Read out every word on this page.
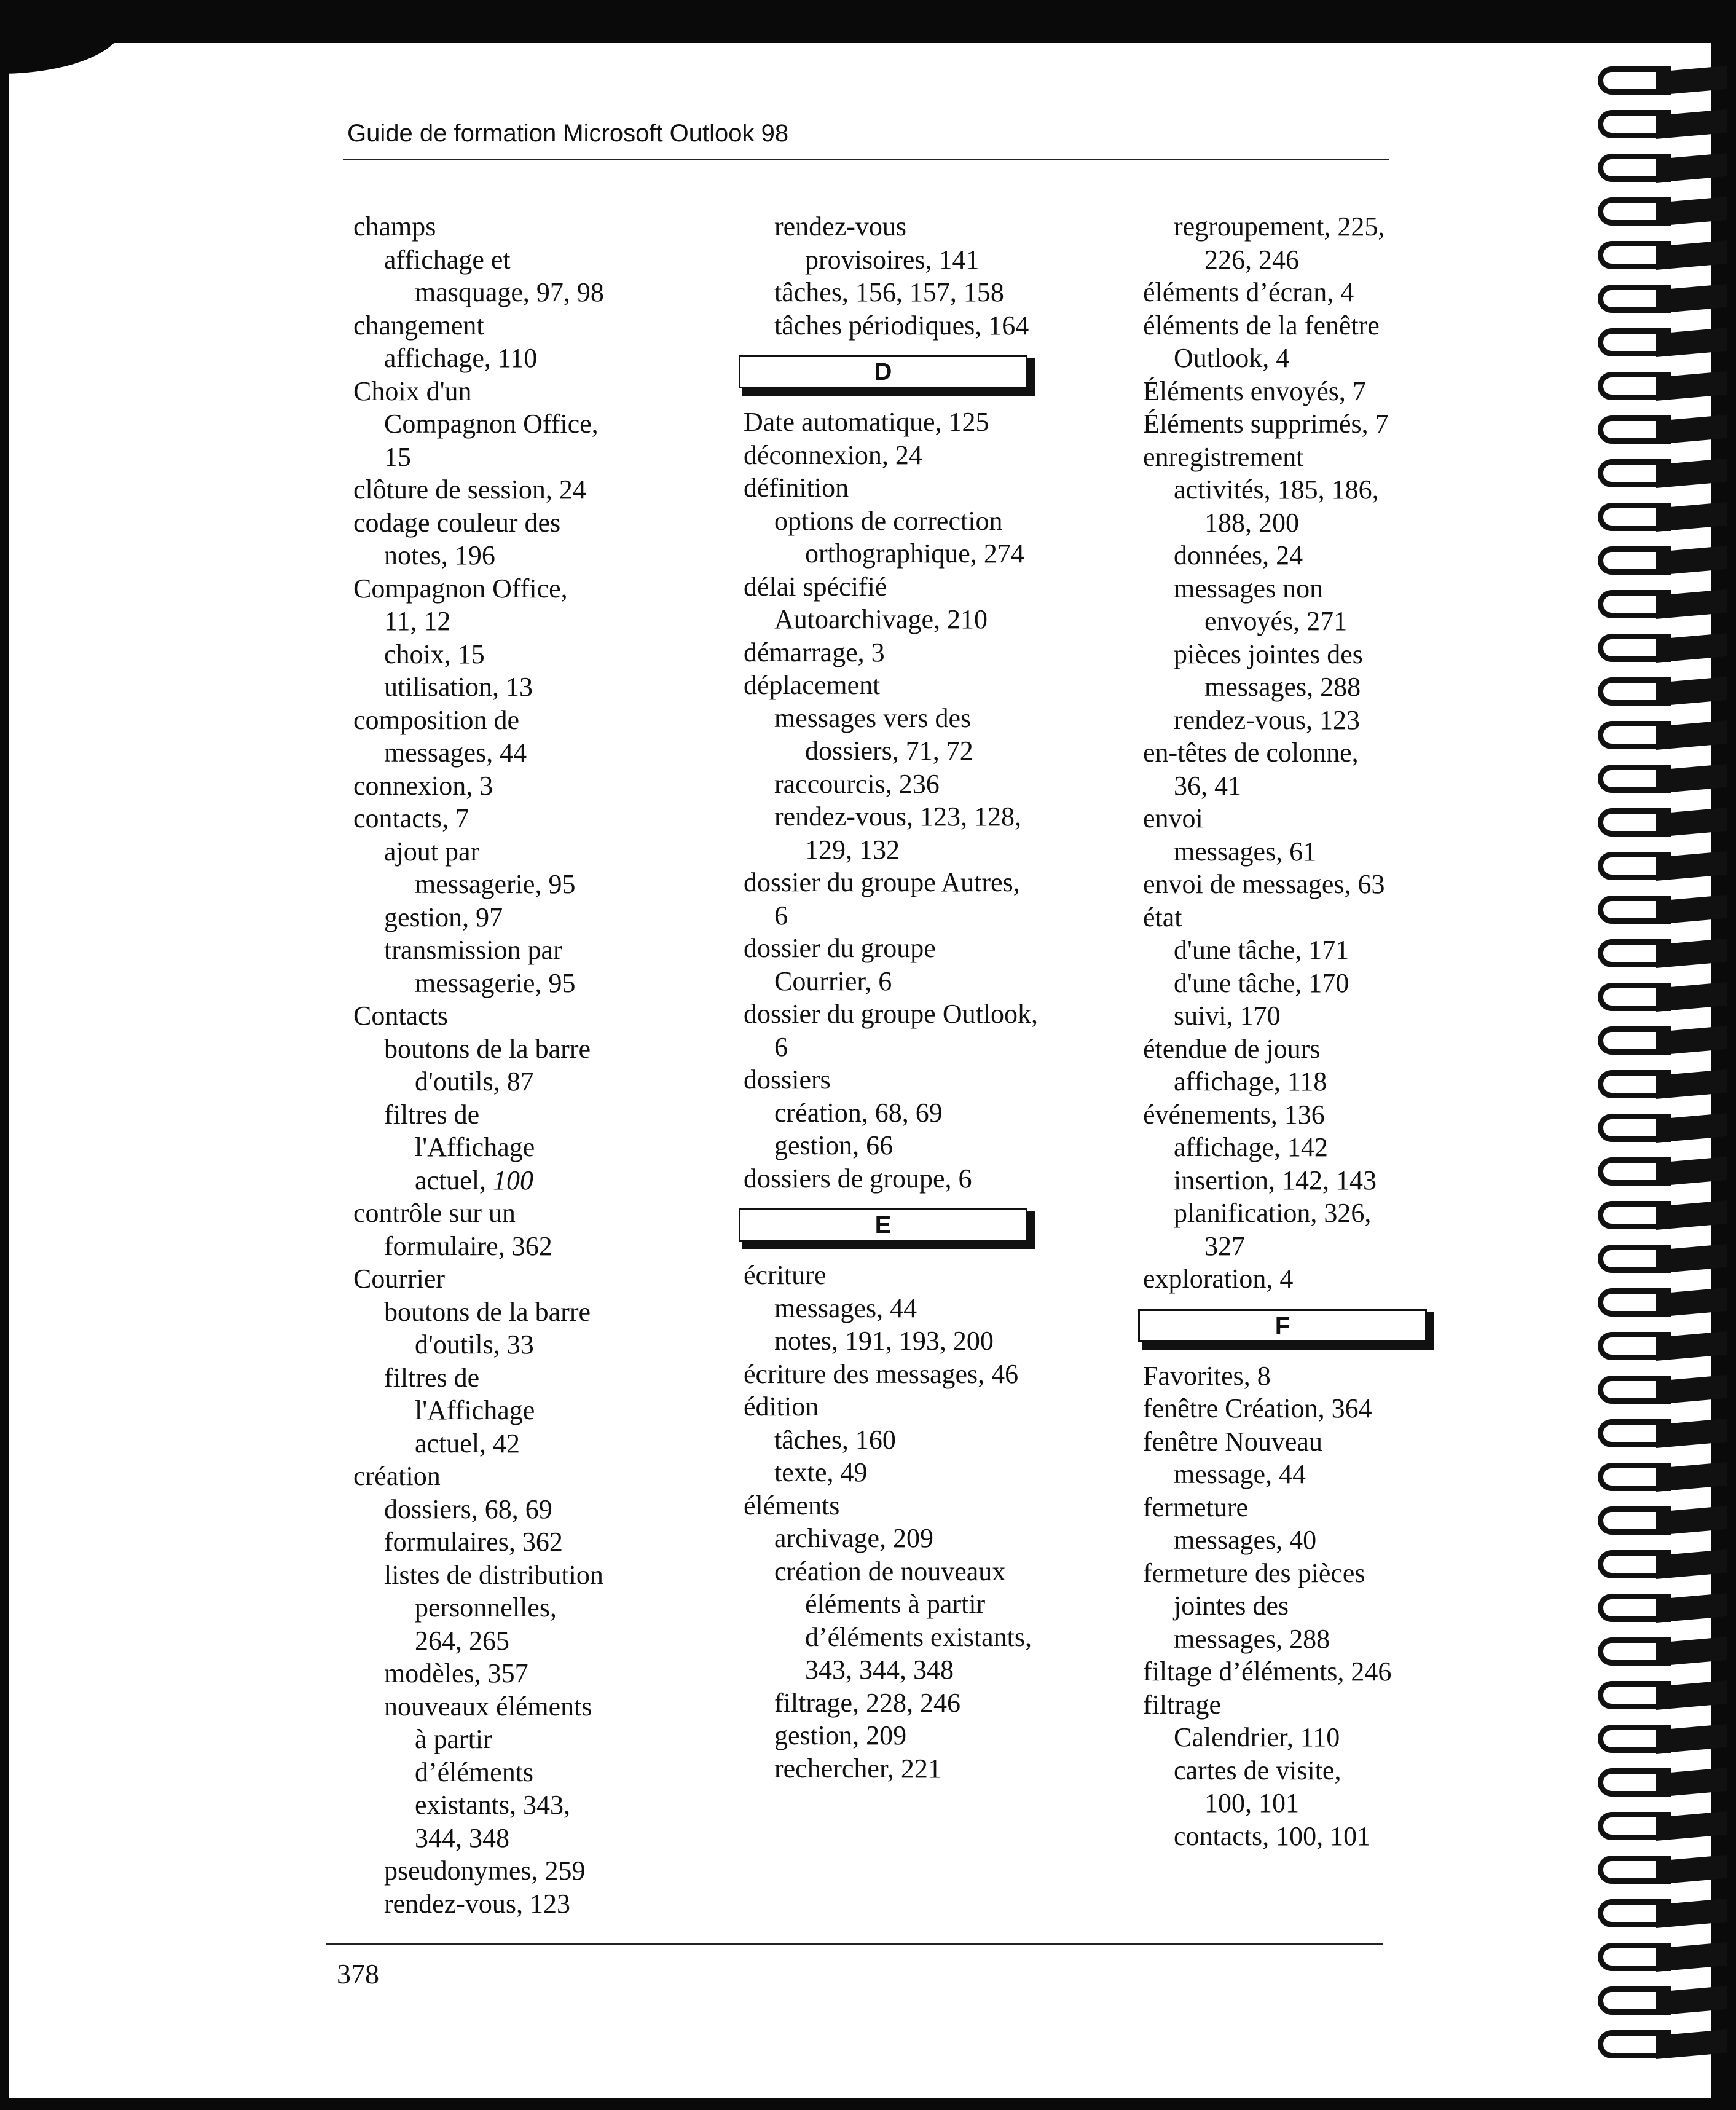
Guide de formation Microsoft Outlook 98
champs
affichage et
masquage, 97, 98
changement
affichage, 110
Choix d'un
Compagnon Office,
15
clôture de session, 24
codage couleur des
notes, 196
Compagnon Office,
11, 12
choix, 15
utilisation, 13
composition de
messages, 44
connexion, 3
contacts, 7
ajout par
messagerie, 95
gestion, 97
transmission par
messagerie, 95
Contacts
boutons de la barre
d'outils, 87
filtres de
l'Affichage
actuel, 100
contrôle sur un
formulaire, 362
Courrier
boutons de la barre
d'outils, 33
filtres de
l'Affichage
actuel, 42
création
dossiers, 68, 69
formulaires, 362
listes de distribution
personnelles,
264, 265
modèles, 357
nouveaux éléments
à partir
d’éléments
existants, 343,
344, 348
pseudonymes, 259
rendez-vous, 123
rendez-vous
provisoires, 141
tâches, 156, 157, 158
tâches périodiques, 164
D
Date automatique, 125
déconnexion, 24
définition
options de correction
orthographique, 274
délai spécifié
Autoarchivage, 210
démarrage, 3
déplacement
messages vers des
dossiers, 71, 72
raccourcis, 236
rendez-vous, 123, 128,
129, 132
dossier du groupe Autres,
6
dossier du groupe
Courrier, 6
dossier du groupe Outlook,
6
dossiers
création, 68, 69
gestion, 66
dossiers de groupe, 6
E
écriture
messages, 44
notes, 191, 193, 200
écriture des messages, 46
édition
tâches, 160
texte, 49
éléments
archivage, 209
création de nouveaux
éléments à partir
d’éléments existants,
343, 344, 348
filtrage, 228, 246
gestion, 209
rechercher, 221
regroupement, 225,
226, 246
éléments d’écran, 4
éléments de la fenêtre
Outlook, 4
Éléments envoyés, 7
Éléments supprimés, 7
enregistrement
activités, 185, 186,
188, 200
données, 24
messages non
envoyés, 271
pièces jointes des
messages, 288
rendez-vous, 123
en-têtes de colonne,
36, 41
envoi
messages, 61
envoi de messages, 63
état
d'une tâche, 171
d'une tâche, 170
suivi, 170
étendue de jours
affichage, 118
événements, 136
affichage, 142
insertion, 142, 143
planification, 326,
327
exploration, 4
F
Favorites, 8
fenêtre Création, 364
fenêtre Nouveau
message, 44
fermeture
messages, 40
fermeture des pièces
jointes des
messages, 288
filtage d’éléments, 246
filtrage
Calendrier, 110
cartes de visite,
100, 101
contacts, 100, 101
378
